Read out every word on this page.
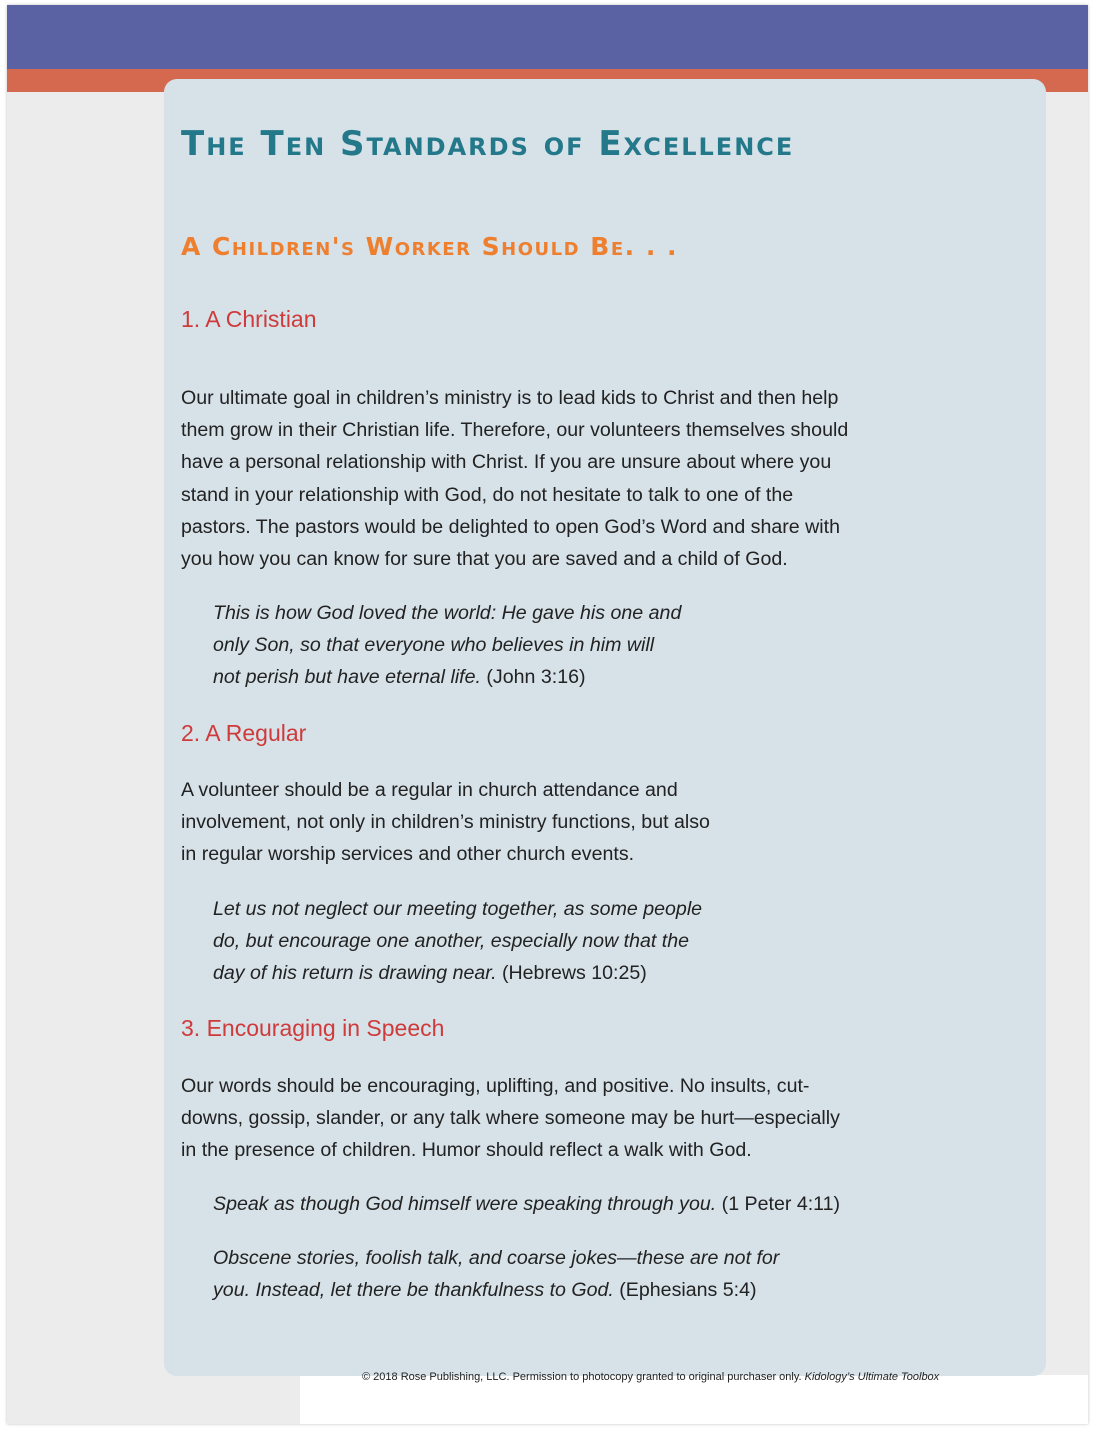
The Ten Standards of Excellence
A Children's Worker Should Be. . .
1. A Christian

Our ultimate goal in children’s ministry is to lead kids to Christ and then help
them grow in their Christian life. Therefore, our volunteers themselves should
have a personal relationship with Christ. If you are unsure about where you
stand in your relationship with God, do not hesitate to talk to one of the
pastors. The pastors would be delighted to open God’s Word and share with
you how you can know for sure that you are saved and a child of God.

This is how God loved the world: He gave his one and
only Son, so that everyone who believes in him will
not perish but have eternal life. (John 3:16)

2. A Regular

A volunteer should be a regular in church attendance and
involvement, not only in children’s ministry functions, but also
in regular worship services and other church events.

Let us not neglect our meeting together, as some people
do, but encourage one another, especially now that the
day of his return is drawing near. (Hebrews 10:25)

3. Encouraging in Speech

Our words should be encouraging, uplifting, and positive. No insults, cut-
downs, gossip, slander, or any talk where someone may be hurt—especially
in the presence of children. Humor should reflect a walk with God.

Speak as though God himself were speaking through you. (1 Peter 4:11)

Obscene stories, foolish talk, and coarse jokes—these are not for
you. Instead, let there be thankfulness to God. (Ephesians 5:4)

© 2018 Rose Publishing, LLC. Permission to photocopy granted to original purchaser only. Kidology’s Ultimate Toolbox
